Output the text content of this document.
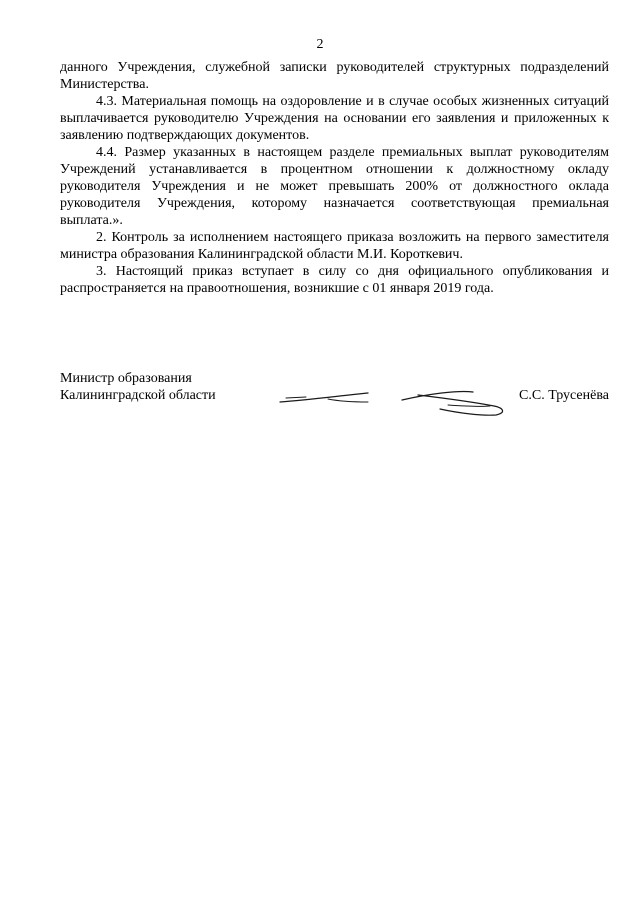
2

данного Учреждения, служебной записки руководителей структурных подразделений Министерства.

4.3. Материальная помощь на оздоровление и в случае особых жизненных ситуаций выплачивается руководителю Учреждения на основании его заявления и приложенных к заявлению подтверждающих документов.

4.4. Размер указанных в настоящем разделе премиальных выплат руководителям Учреждений устанавливается в процентном отношении к должностному окладу руководителя Учреждения и не может превышать 200% от должностного оклада руководителя Учреждения, которому назначается соответствующая премиальная выплата.».

2. Контроль за исполнением настоящего приказа возложить на первого заместителя министра образования Калининградской области М.И. Короткевич.

3. Настоящий приказ вступает в силу со дня официального опубликования и распространяется на правоотношения, возникшие с 01 января 2019 года.

Министр образования
Калининградской области	С.С. Трусенёва
